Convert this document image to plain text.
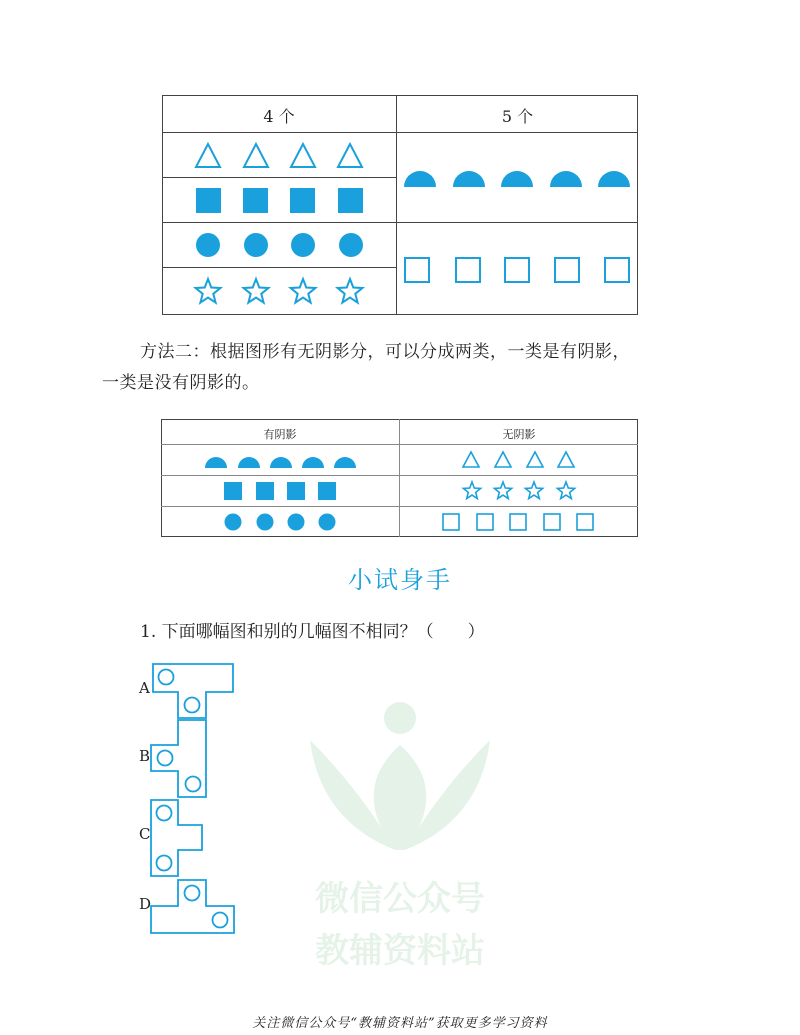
4 个	5 个
方法二：根据图形有无阴影分，可以分成两类，一类是有阴影，
一类是没有阴影的。
有阴影	无阴影
小试身手
1. 下面哪幅图和别的几幅图不相同？（　　）
微信公众号
教辅资料站
A
B
C
D
关注微信公众号“教辅资料站”获取更多学习资料
